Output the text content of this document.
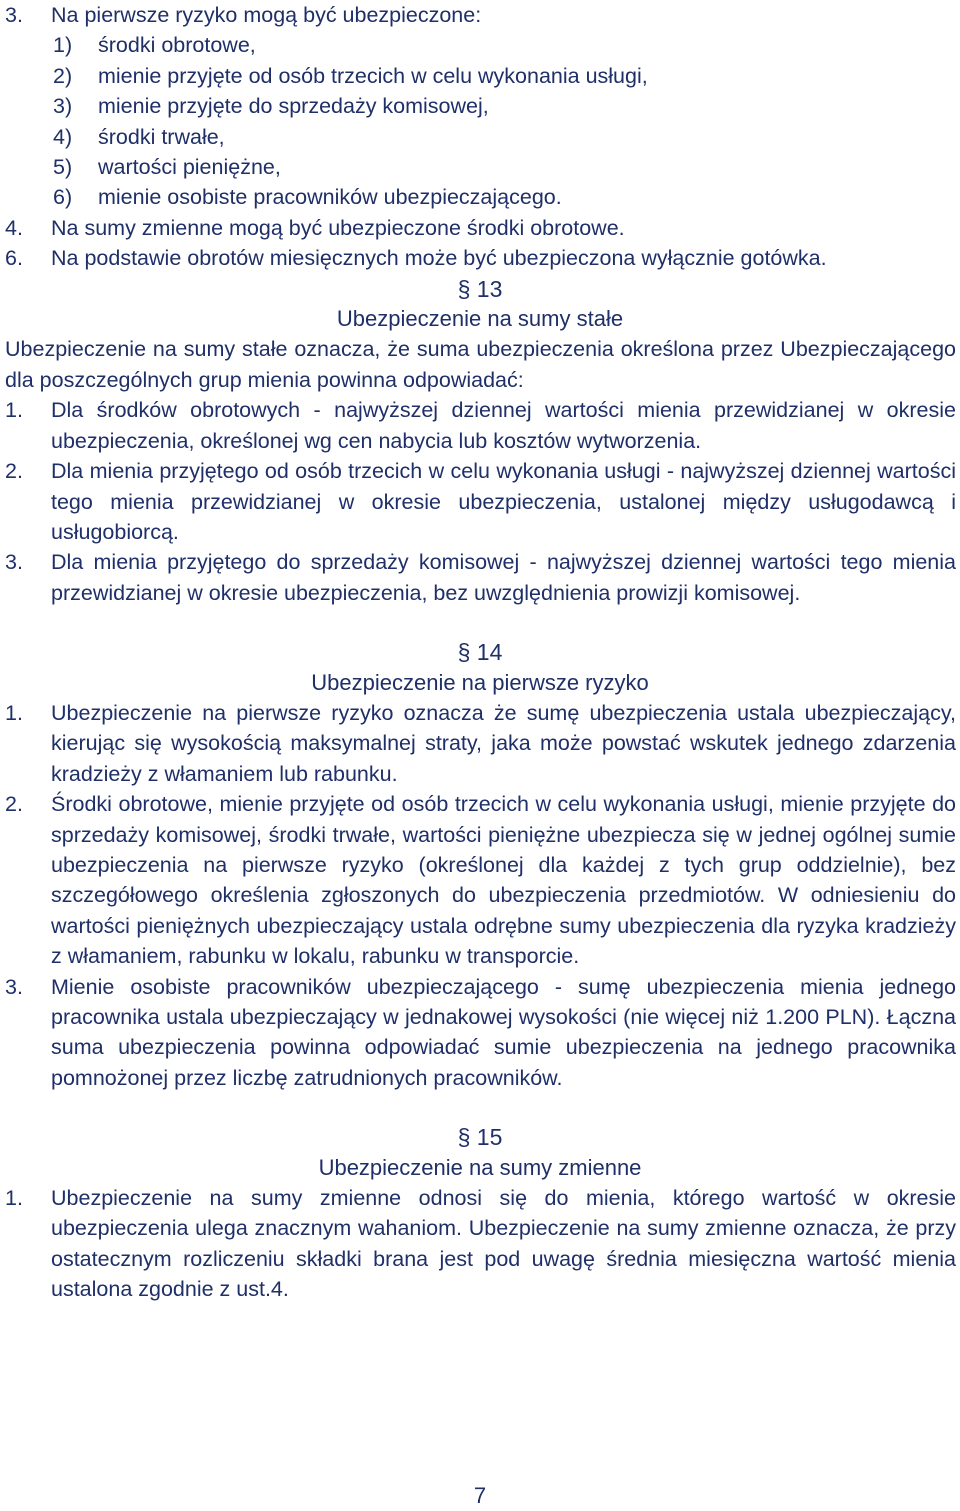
3. Na pierwsze ryzyko mogą być ubezpieczone:
1) środki obrotowe,
2) mienie przyjęte od osób trzecich w celu wykonania usługi,
3) mienie przyjęte do sprzedaży komisowej,
4) środki trwałe,
5) wartości pieniężne,
6) mienie osobiste pracowników ubezpieczającego.
4. Na sumy zmienne mogą być ubezpieczone środki obrotowe.
6. Na podstawie obrotów miesięcznych może być ubezpieczona wyłącznie gotówka.
§ 13
Ubezpieczenie na sumy stałe
Ubezpieczenie na sumy stałe oznacza, że suma ubezpieczenia określona przez Ubezpieczającego dla poszczególnych grup mienia powinna odpowiadać:
1. Dla środków obrotowych - najwyższej dziennej wartości mienia przewidzianej w okresie ubezpieczenia, określonej wg cen nabycia lub kosztów wytworzenia.
2. Dla mienia przyjętego od osób trzecich w celu wykonania usługi - najwyższej dziennej wartości tego mienia przewidzianej w okresie ubezpieczenia, ustalonej między usługodawcą i usługobiorcą.
3. Dla mienia przyjętego do sprzedaży komisowej - najwyższej dziennej wartości tego mienia przewidzianej w okresie ubezpieczenia, bez uwzględnienia prowizji komisowej.
§ 14
Ubezpieczenie na pierwsze ryzyko
1. Ubezpieczenie na pierwsze ryzyko oznacza że sumę ubezpieczenia ustala ubezpieczający, kierując się wysokością maksymalnej straty, jaka może powstać wskutek jednego zdarzenia kradzieży z włamaniem lub rabunku.
2. Środki obrotowe, mienie przyjęte od osób trzecich w celu wykonania usługi, mienie przyjęte do sprzedaży komisowej, środki trwałe, wartości pieniężne ubezpiecza się w jednej ogólnej sumie ubezpieczenia na pierwsze ryzyko (określonej dla każdej z tych grup oddzielnie), bez szczegółowego określenia zgłoszonych do ubezpieczenia przedmiotów. W odniesieniu do wartości pieniężnych ubezpieczający ustala odrębne sumy ubezpieczenia dla ryzyka kradzieży z włamaniem, rabunku w lokalu, rabunku w transporcie.
3. Mienie osobiste pracowników ubezpieczającego - sumę ubezpieczenia mienia jednego pracownika ustala ubezpieczający w jednakowej wysokości (nie więcej niż 1.200 PLN). Łączna suma ubezpieczenia powinna odpowiadać sumie ubezpieczenia na jednego pracownika pomnożonej przez liczbę zatrudnionych pracowników.
§ 15
Ubezpieczenie na sumy zmienne
1. Ubezpieczenie na sumy zmienne odnosi się do mienia, którego wartość w okresie ubezpieczenia ulega znacznym wahaniom. Ubezpieczenie na sumy zmienne oznacza, że przy ostatecznym rozliczeniu składki brana jest pod uwagę średnia miesięczna wartość mienia ustalona zgodnie z ust.4.
7
